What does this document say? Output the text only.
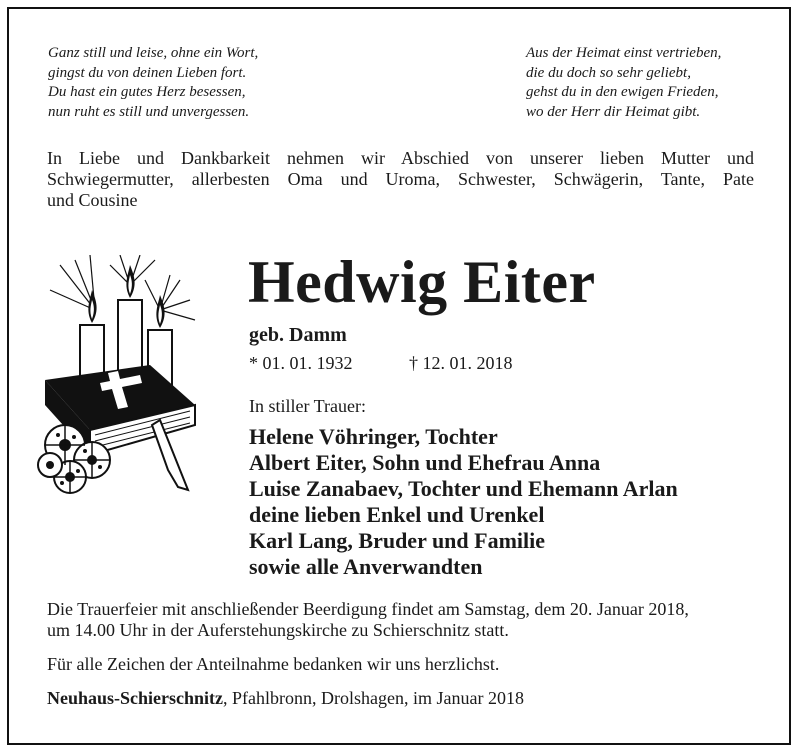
Ganz still und leise, ohne ein Wort,
gingst du von deinen Lieben fort.
Du hast ein gutes Herz besessen,
nun ruht es still und unvergessen.
Aus der Heimat einst vertrieben,
die du doch so sehr geliebt,
gehst du in den ewigen Frieden,
wo der Herr dir Heimat gibt.
In Liebe und Dankbarkeit nehmen wir Abschied von unserer lieben Mutter und
Schwiegermutter, allerbesten Oma und Uroma, Schwester, Schwägerin, Tante, Pate
und Cousine
Hedwig Eiter
geb. Damm
* 01. 01. 1932	† 12. 01. 2018
In stiller Trauer:
Helene Vöhringer, Tochter
Albert Eiter, Sohn und Ehefrau Anna
Luise Zanabaev, Tochter und Ehemann Arlan
deine lieben Enkel und Urenkel
Karl Lang, Bruder und Familie
sowie alle Anverwandten
Die Trauerfeier mit anschließender Beerdigung findet am Samstag, dem 20. Januar 2018,
um 14.00 Uhr in der Auferstehungskirche zu Schierschnitz statt.
Für alle Zeichen der Anteilnahme bedanken wir uns herzlichst.
Neuhaus-Schierschnitz, Pfahlbronn, Drolshagen, im Januar 2018
